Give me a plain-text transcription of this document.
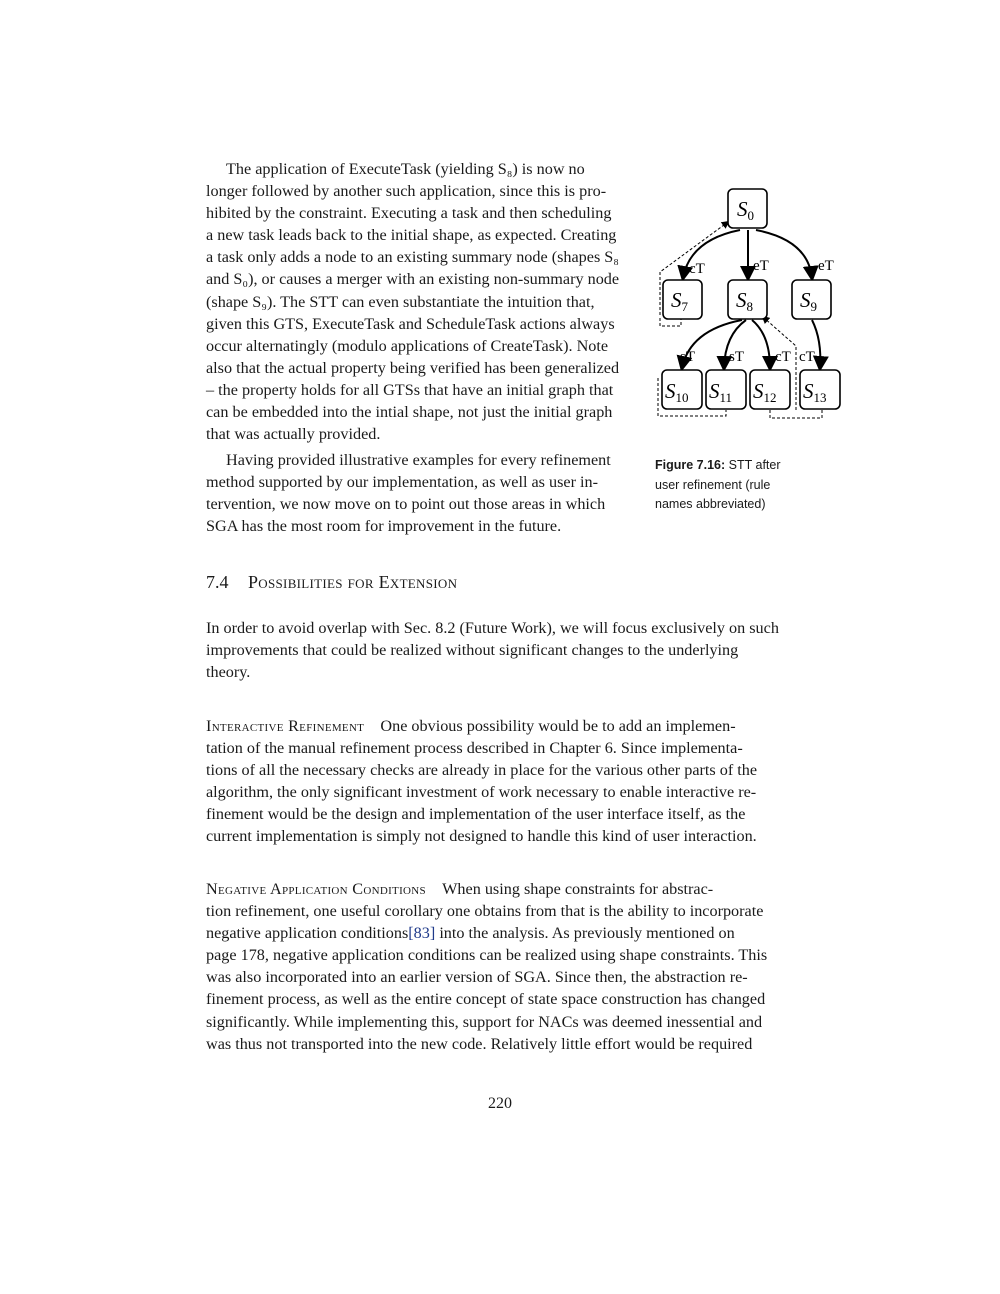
The application of ExecuteTask (yielding S₈) is now no
longer followed by another such application, since this is pro-
hibited by the constraint. Executing a task and then scheduling
a new task leads back to the initial shape, as expected. Creating
a task only adds a node to an existing summary node (shapes S₈
and S₀), or causes a merger with an existing non-summary node
(shape S₉). The STT can even substantiate the intuition that,
given this GTS, ExecuteTask and ScheduleTask actions always
occur alternatingly (modulo applications of CreateTask). Note
also that the actual property being verified has been generalized
– the property holds for all GTSs that have an initial graph that
can be embedded into the intial shape, not just the initial graph
that was actually provided.
Having provided illustrative examples for every refinement
method supported by our implementation, as well as user in-
tervention, we now move on to point out those areas in which
SGA has the most room for improvement in the future.
cT	eT	eT
sT sT cT cT
S0
S7 S8 S9
S10 S11 S12 S13
Figure 7.16: STT after
user refinement (rule
names abbreviated)
7.4 Possibilities for Extension
In order to avoid overlap with Sec. 8.2 (Future Work), we will focus exclusively on such
improvements that could be realized without significant changes to the underlying
theory.
Interactive Refinement One obvious possibility would be to add an implemen-
tation of the manual refinement process described in Chapter 6. Since implementa-
tions of all the necessary checks are already in place for the various other parts of the
algorithm, the only significant investment of work necessary to enable interactive re-
finement would be the design and implementation of the user interface itself, as the
current implementation is simply not designed to handle this kind of user interaction.
Negative Application Conditions When using shape constraints for abstrac-
tion refinement, one useful corollary one obtains from that is the ability to incorporate
negative application conditions[83] into the analysis. As previously mentioned on
page 178, negative application conditions can be realized using shape constraints. This
was also incorporated into an earlier version of SGA. Since then, the abstraction re-
finement process, as well as the entire concept of state space construction has changed
significantly. While implementing this, support for NACs was deemed inessential and
was thus not transported into the new code. Relatively little effort would be required
220
